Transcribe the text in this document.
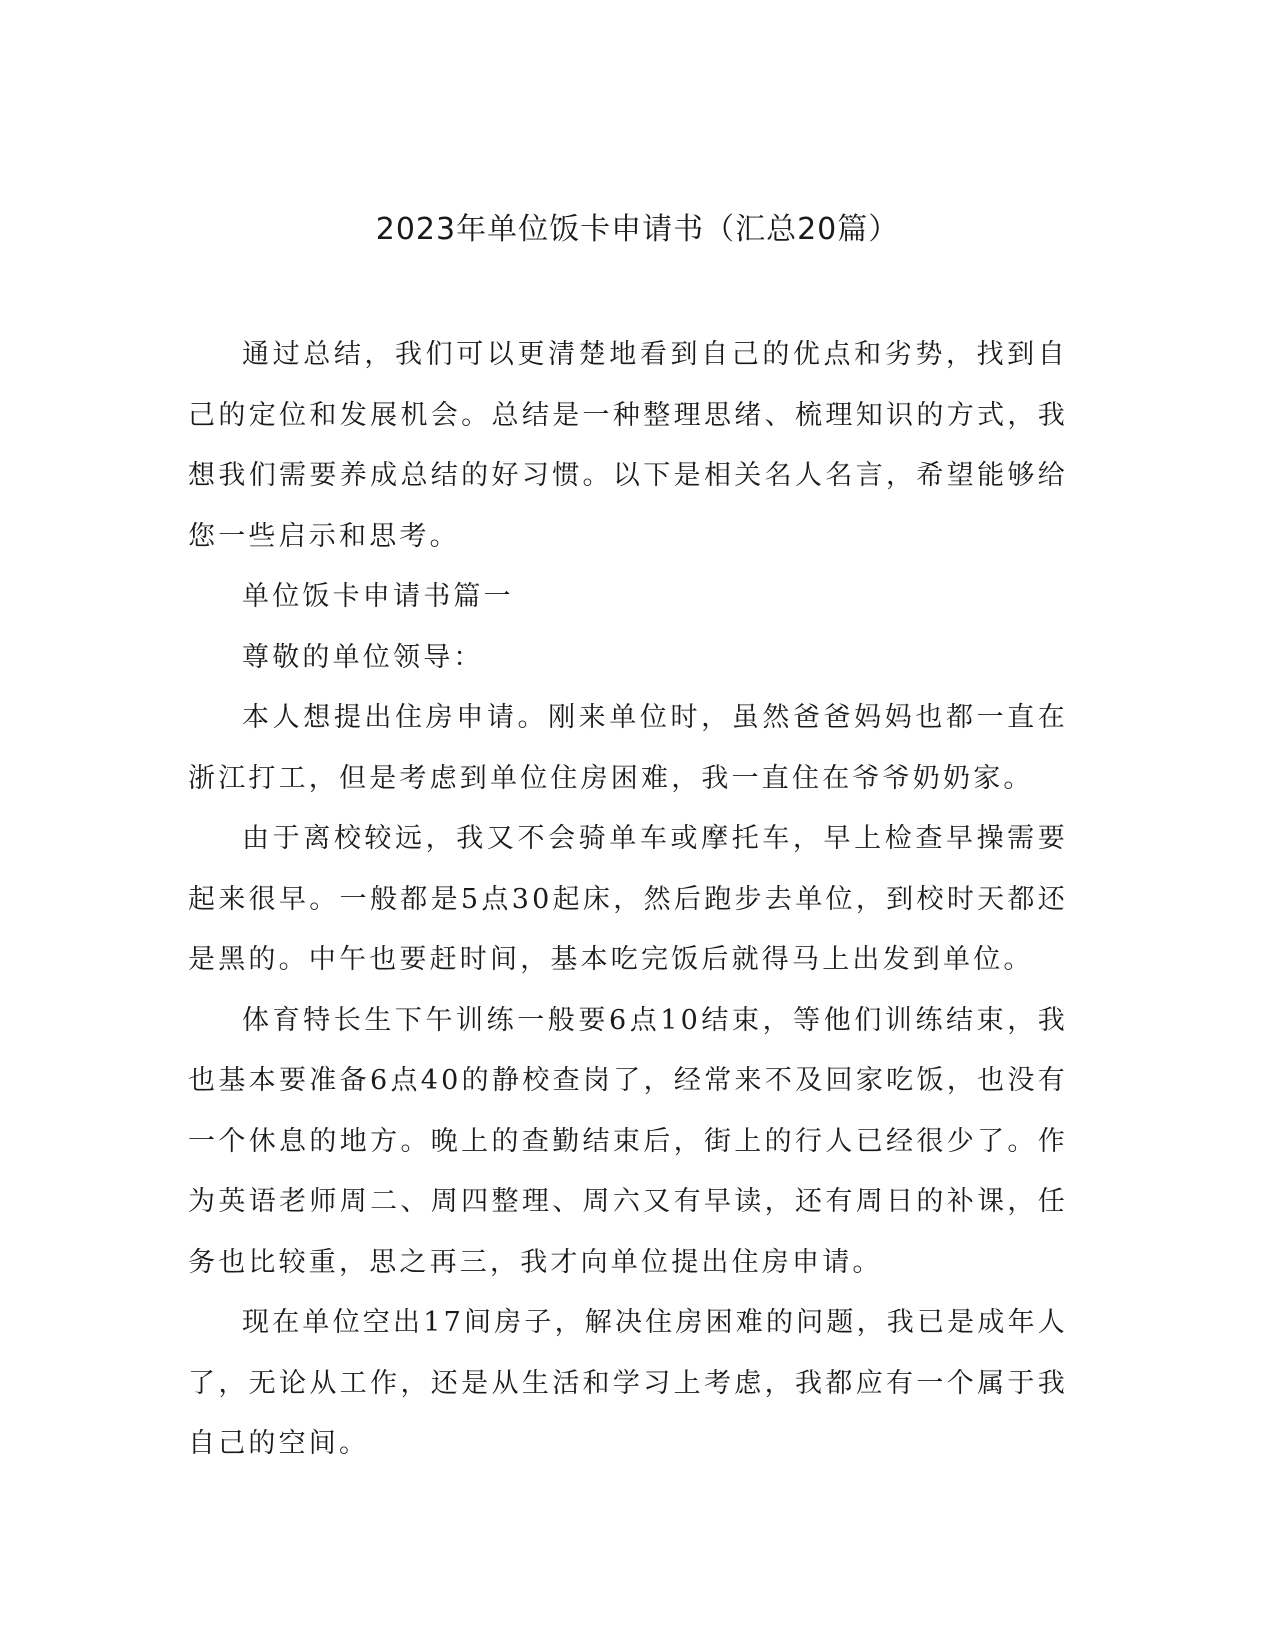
2023年单位饭卡申请书（汇总20篇）

通过总结，我们可以更清楚地看到自己的优点和劣势，找到自己的定位和发展机会。总结是一种整理思绪、梳理知识的方式，我想我们需要养成总结的好习惯。以下是相关名人名言，希望能够给您一些启示和思考。

单位饭卡申请书篇一

尊敬的单位领导：

本人想提出住房申请。刚来单位时，虽然爸爸妈妈也都一直在浙江打工，但是考虑到单位住房困难，我一直住在爷爷奶奶家。

由于离校较远，我又不会骑单车或摩托车，早上检查早操需要起来很早。一般都是5点30起床，然后跑步去单位，到校时天都还是黑的。中午也要赶时间，基本吃完饭后就得马上出发到单位。

体育特长生下午训练一般要6点10结束，等他们训练结束，我也基本要准备6点40的静校查岗了，经常来不及回家吃饭，也没有一个休息的地方。晚上的查勤结束后，街上的行人已经很少了。作为英语老师周二、周四整理、周六又有早读，还有周日的补课，任务也比较重，思之再三，我才向单位提出住房申请。

现在单位空出17间房子，解决住房困难的问题，我已是成年人了，无论从工作，还是从生活和学习上考虑，我都应有一个属于我自己的空间。
